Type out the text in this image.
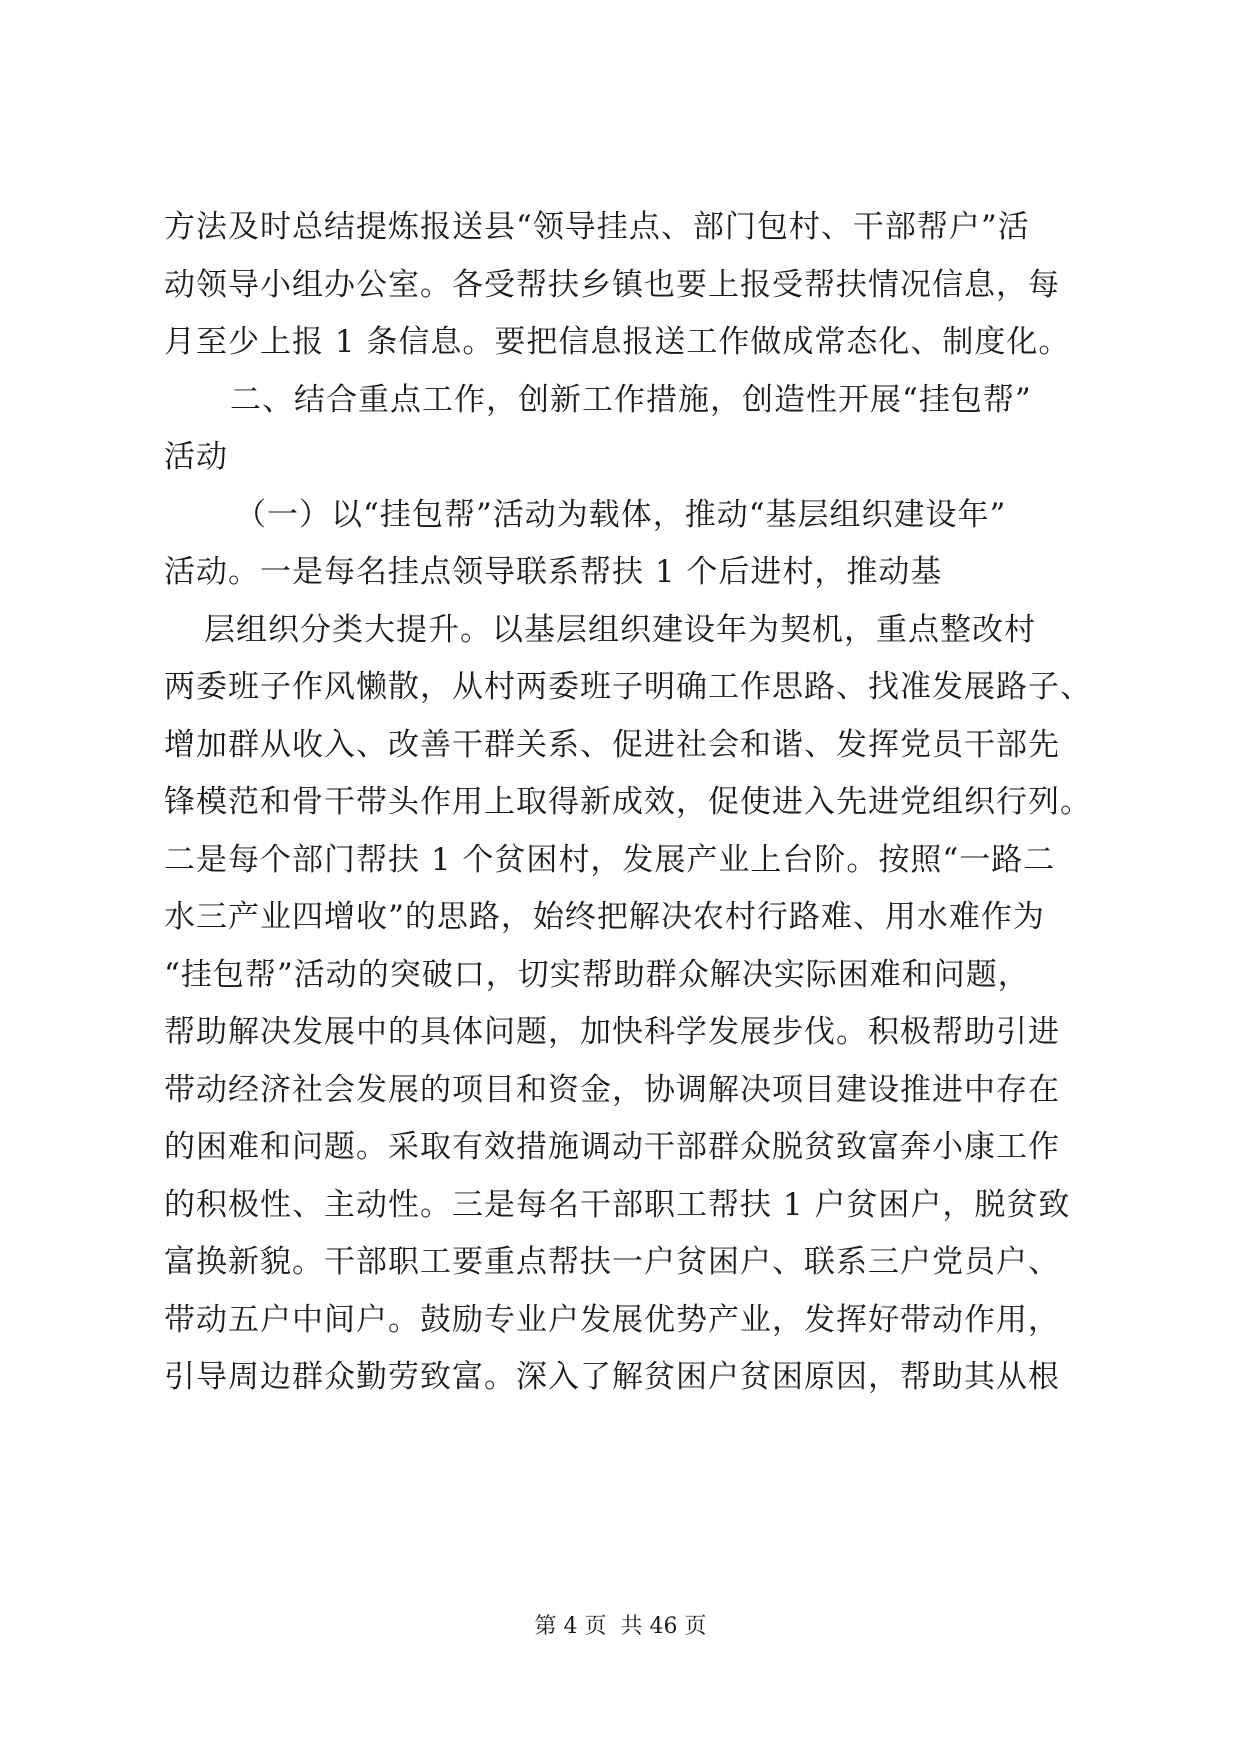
方法及时总结提炼报送县“领导挂点、部门包村、干部帮户”活
动领导小组办公室。各受帮扶乡镇也要上报受帮扶情况信息，每
月至少上报 1 条信息。要把信息报送工作做成常态化、制度化。
二、结合重点工作，创新工作措施，创造性开展“挂包帮”
活动
（一）以“挂包帮”活动为载体，推动“基层组织建设年”
活动。一是每名挂点领导联系帮扶 1 个后进村，推动基
层组织分类大提升。以基层组织建设年为契机，重点整改村
两委班子作风懒散，从村两委班子明确工作思路、找准发展路子、
增加群从收入、改善干群关系、促进社会和谐、发挥党员干部先
锋模范和骨干带头作用上取得新成效，促使进入先进党组织行列。
二是每个部门帮扶 1 个贫困村，发展产业上台阶。按照“一路二
水三产业四增收”的思路，始终把解决农村行路难、用水难作为
“挂包帮”活动的突破口，切实帮助群众解决实际困难和问题，
帮助解决发展中的具体问题，加快科学发展步伐。积极帮助引进
带动经济社会发展的项目和资金，协调解决项目建设推进中存在
的困难和问题。采取有效措施调动干部群众脱贫致富奔小康工作
的积极性、主动性。三是每名干部职工帮扶 1 户贫困户，脱贫致
富换新貌。干部职工要重点帮扶一户贫困户、联系三户党员户、
带动五户中间户。鼓励专业户发展优势产业，发挥好带动作用，
引导周边群众勤劳致富。深入了解贫困户贫困原因，帮助其从根
第 4 页  共 46 页
